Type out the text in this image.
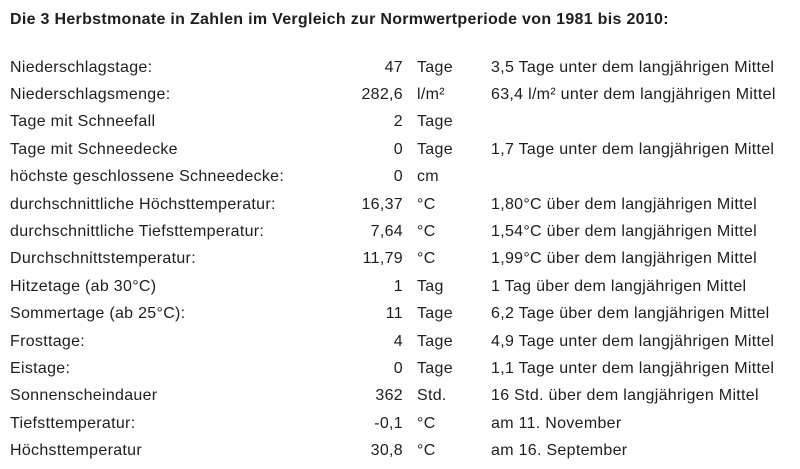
Die 3 Herbstmonate in Zahlen im Vergleich zur Normwertperiode von 1981 bis 2010:
Niederschlagstage:	47 Tage	3,5 Tage unter dem langjährigen Mittel
Niederschlagsmenge:	282,6 l/m²	63,4 l/m² unter dem langjährigen Mittel
Tage mit Schneefall	2 Tage
Tage mit Schneedecke	0 Tage	1,7 Tage unter dem langjährigen Mittel
höchste geschlossene Schneedecke:	0 cm
durchschnittliche Höchsttemperatur:	16,37 °C	1,80°C über dem langjährigen Mittel
durchschnittliche Tiefsttemperatur:	7,64 °C	1,54°C über dem langjährigen Mittel
Durchschnittstemperatur:	11,79 °C	1,99°C über dem langjährigen Mittel
Hitzetage (ab 30°C)	1 Tag	1 Tag über dem langjährigen Mittel
Sommertage (ab 25°C):	11 Tage	6,2 Tage über dem langjährigen Mittel
Frosttage:	4 Tage	4,9 Tage unter dem langjährigen Mittel
Eistage:	0 Tage	1,1 Tage unter dem langjährigen Mittel
Sonnenscheindauer	362 Std.	16 Std. über dem langjährigen Mittel
Tiefsttemperatur:	-0,1 °C	am 11. November
Höchsttemperatur	30,8 °C	am 16. September
